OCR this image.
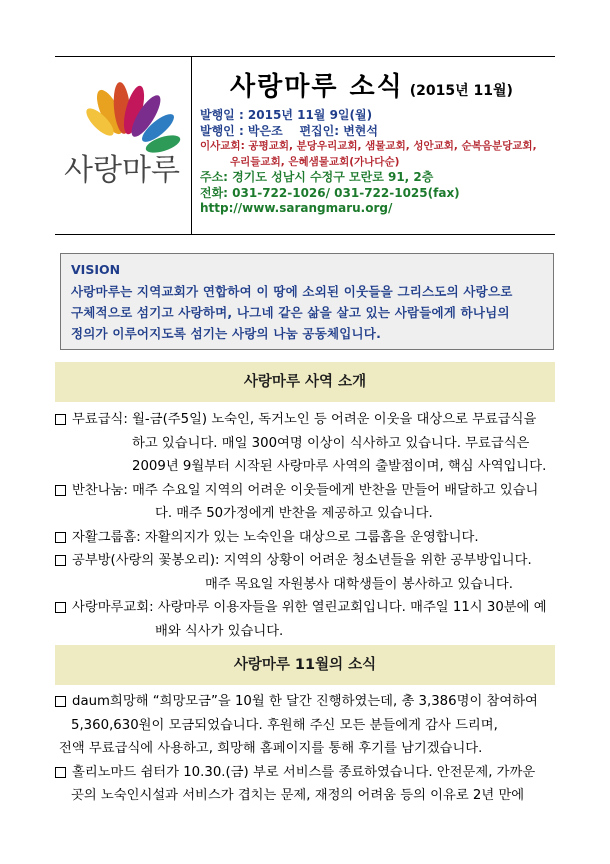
사랑마루
사랑마루 소식 (2015년 11월)
발행일 : 2015년 11월 9일(월)
발행인 : 박은조 편집인: 변현석
이사교회: 공평교회, 분당우리교회, 샘물교회, 성안교회, 순복음분당교회,
우리들교회, 은혜샘물교회(가나다순)
주소: 경기도 성남시 수정구 모란로 91, 2층
전화: 031-722-1026/ 031-722-1025(fax)
http://www.sarangmaru.org/
VISION
사랑마루는 지역교회가 연합하여 이 땅에 소외된 이웃들을 그리스도의 사랑으로
구체적으로 섬기고 사랑하며, 나그네 같은 삶을 살고 있는 사람들에게 하나님의
정의가 이루어지도록 섬기는 사랑의 나눔 공동체입니다.
사랑마루 사역 소개
무료급식: 월-금(주5일) 노숙인, 독거노인 등 어려운 이웃을 대상으로 무료급식을
하고 있습니다. 매일 300여명 이상이 식사하고 있습니다. 무료급식은
2009년 9월부터 시작된 사랑마루 사역의 출발점이며, 핵심 사역입니다.
반찬나눔: 매주 수요일 지역의 어려운 이웃들에게 반찬을 만들어 배달하고 있습니
다. 매주 50가정에게 반찬을 제공하고 있습니다.
자활그룹홈: 자활의지가 있는 노숙인을 대상으로 그룹홈을 운영합니다.
공부방(사랑의 꽃봉오리): 지역의 상황이 어려운 청소년들을 위한 공부방입니다.
매주 목요일 자원봉사 대학생들이 봉사하고 있습니다.
사랑마루교회: 사랑마루 이용자들을 위한 열린교회입니다. 매주일 11시 30분에 예
배와 식사가 있습니다.
사랑마루 11월의 소식
daum희망해 “희망모금”을 10월 한 달간 진행하였는데, 총 3,386명이 참여하여
5,360,630원이 모금되었습니다. 후원해 주신 모든 분들에게 감사 드리며,
전액 무료급식에 사용하고, 희망해 홈페이지를 통해 후기를 남기겠습니다.
홀리노마드 쉼터가 10.30.(금) 부로 서비스를 종료하였습니다. 안전문제, 가까운
곳의 노숙인시설과 서비스가 겹치는 문제, 재정의 어려움 등의 이유로 2년 만에
